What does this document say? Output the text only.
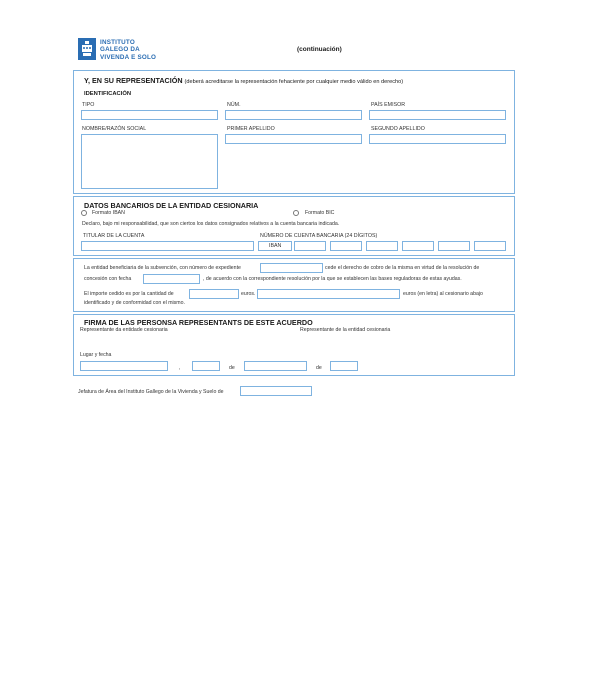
INSTITUTO
GALEGO DA
VIVENDA E SOLO
(continuación)
Y, EN SU REPRESENTACIÓN (deberá acreditarse la representación fehaciente por cualquier medio válido en derecho)
IDENTIFICACIÓN
TIPO	NÚM.	PAÍS EMISOR
NOMBRE/RAZÓN SOCIAL	PRIMER APELLIDO	SEGUNDO APELLIDO
DATOS BANCARIOS DE LA ENTIDAD CESIONARIA
Formato IBAN	Formato BIC
Declaro, bajo mi responsabilidad, que son ciertos los datos consignados relativos a la cuenta bancaria indicada.
TITULAR DE LA CUENTA	NÚMERO DE CUENTA BANCARIA (24 DÍGITOS)
IBAN
La entidad beneficiaria de la subvención, con número de expediente	cede el derecho de cobro de la misma en virtud de la resolución de
concesión con fecha	, de acuerdo con la correspondiente resolución por la que se establecen las bases reguladoras de estas ayudas.
El importe cedido es por la cantidad de	euros.	euros (en letra) al cesionario abajo
identificado y de conformidad con el mismo.
FIRMA DE LAS PERSONSA REPRESENTANTS DE ESTE ACUERDO
Representante da entidade cesionaria	Representante de la entidad cesionaria
Lugar y fecha
,	de	de
Jefatura de Área del Instituto Gallego de la Vivienda y Suelo de
